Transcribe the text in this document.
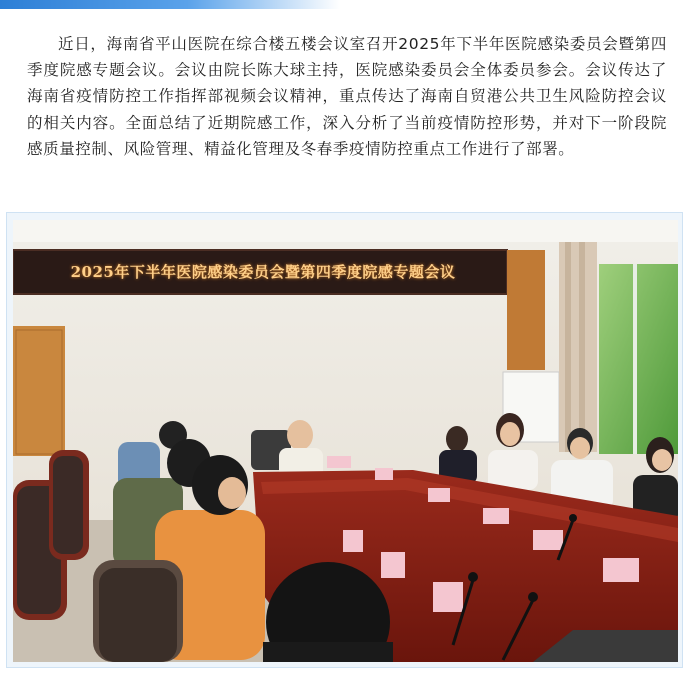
近日，海南省平山医院在综合楼五楼会议室召开2025年下半年医院感染委员会暨第四季度院感专题会议。会议由院长陈大球主持，医院感染委员会全体委员参会。会议传达了海南省疫情防控工作指挥部视频会议精神，重点传达了海南自贸港公共卫生风险防控会议的相关内容。全面总结了近期院感工作，深入分析了当前疫情防控形势，并对下一阶段院感质量控制、风险管理、精益化管理及冬春季疫情防控重点工作进行了部署。

2025年下半年医院感染委员会暨第四季度院感专题会议
